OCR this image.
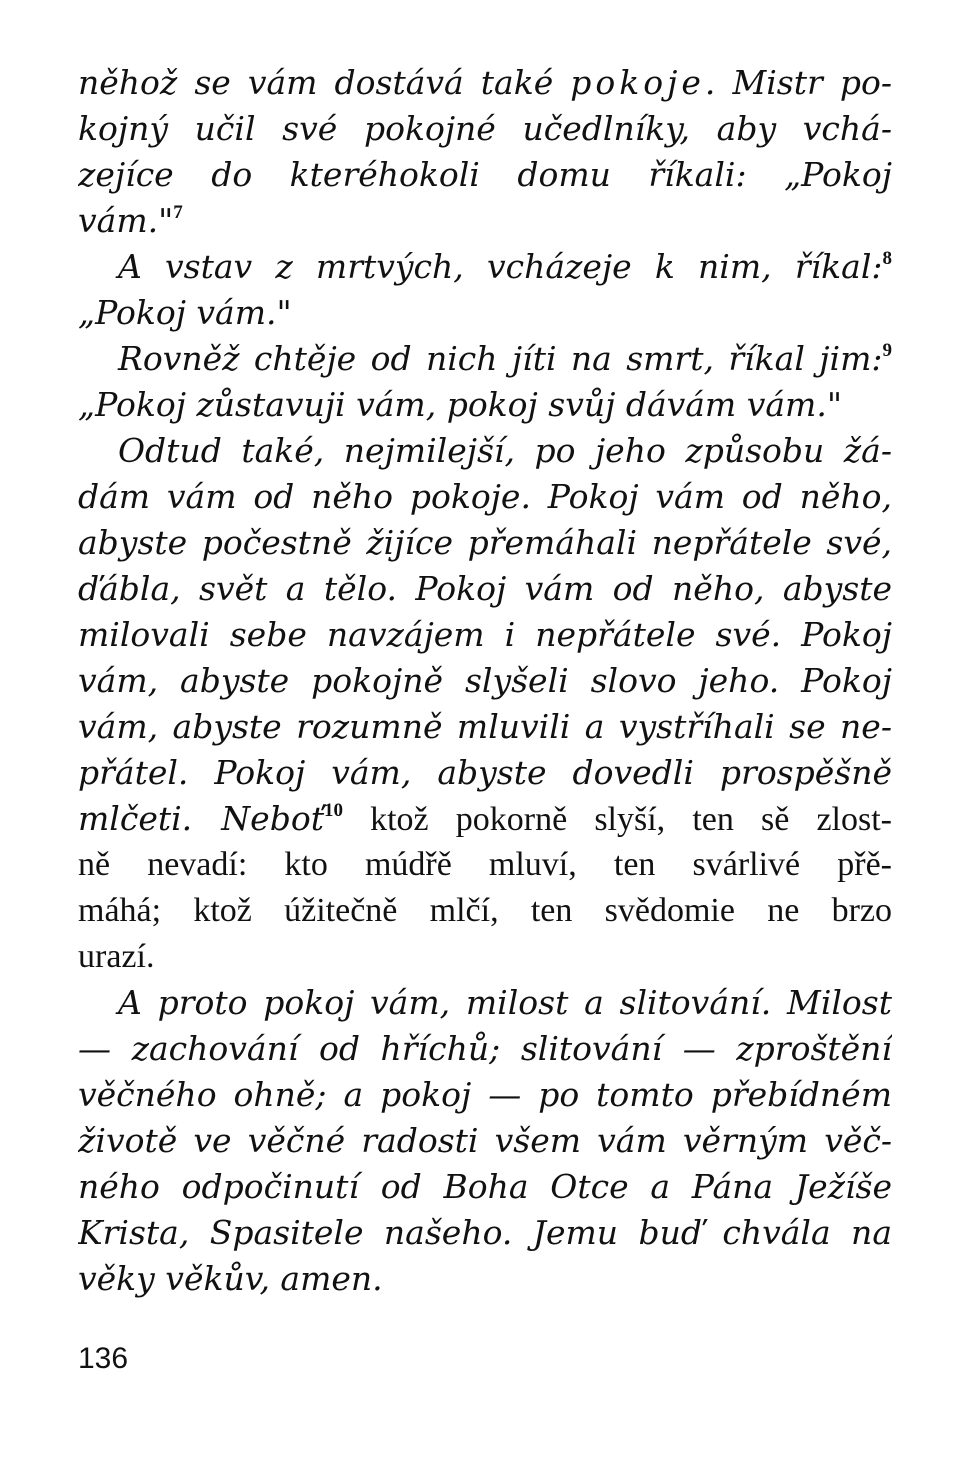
něhož se vám dostává také pokoje. Mistr po-
kojný učil své pokojné učedlníky, aby vchá-
zejíce do kteréhokoli domu říkali: „Pokoj
vám."$^7$
A vstav z mrtvých, vcházeje k nim, říkal:$^8$
„Pokoj vám."
Rovněž chtěje od nich jíti na smrt, říkal jim:$^9$
„Pokoj zůstavuji vám, pokoj svůj dávám vám."
Odtud také, nejmilejší, po jeho způsobu žá-
dám vám od něho pokoje. Pokoj vám od něho,
abyste počestně žijíce přemáhali nepřátele své,
ďábla, svět a tělo. Pokoj vám od něho, abyste
milovali sebe navzájem i nepřátele své. Pokoj
vám, abyste pokojně slyšeli slovo jeho. Pokoj
vám, abyste rozumně mluvili a vystříhali se ne-
přátel. Pokoj vám, abyste dovedli prospěšně
mlčeti. Neboť$^{10}$ ktož pokorně slyší, ten sě zlost-
ně nevadí: kto múdřě mluví, ten svárlivé přě-
máhá; ktož úžitečně mlčí, ten svědomie ne brzo
urazí.
A proto pokoj vám, milost a slitování. Milost
— zachování od hříchů; slitování — zproštění
věčného ohně; a pokoj — po tomto přebídném
životě ve věčné radosti všem vám věrným věč-
ného odpočinutí od Boha Otce a Pána Ježíše
Krista, Spasitele našeho. Jemu buď chvála na
věky věkův, amen.
136
